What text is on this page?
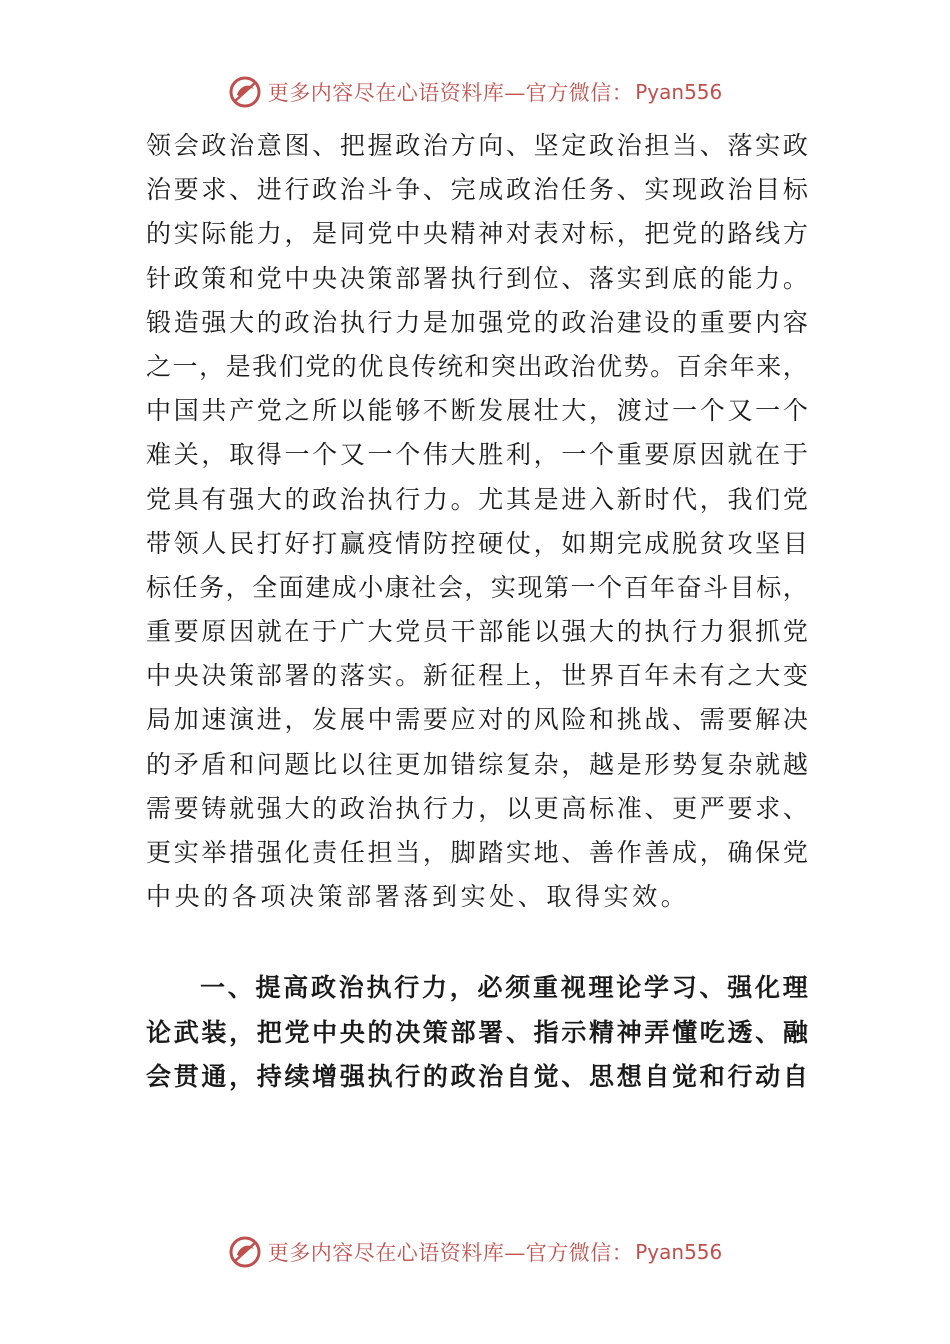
更多内容尽在心语资料库—官方微信： Pyan556
领 会 政 治 意 图 、 把 握 政 治 方 向 、 坚 定 政 治 担 当 、 落 实 政
治 要 求 、 进 行 政 治 斗 争 、 完 成 政 治 任 务 、 实 现 政 治 目 标
的 实 际 能 力 ， 是 同 党 中 央 精 神 对 表 对 标 ， 把 党 的 路 线 方
针 政 策 和 党 中 央 决 策 部 署 执 行 到 位 、 落 实 到 底 的 能 力 。
锻 造 强 大 的 政 治 执 行 力 是 加 强 党 的 政 治 建 设 的 重 要 内 容
之 一 ， 是 我 们 党 的 优 良 传 统 和 突 出 政 治 优 势 。 百 余 年 来 ，
中 国 共 产 党 之 所 以 能 够 不 断 发 展 壮 大 ， 渡 过 一 个 又 一 个
难 关 ， 取 得 一 个 又 一 个 伟 大 胜 利 ， 一 个 重 要 原 因 就 在 于
党 具 有 强 大 的 政 治 执 行 力 。 尤 其 是 进 入 新 时 代 ， 我 们 党
带 领 人 民 打 好 打 赢 疫 情 防 控 硬 仗 ， 如 期 完 成 脱 贫 攻 坚 目
标 任 务 ， 全 面 建 成 小 康 社 会 ， 实 现 第 一 个 百 年 奋 斗 目 标 ，
重 要 原 因 就 在 于 广 大 党 员 干 部 能 以 强 大 的 执 行 力 狠 抓 党
中 央 决 策 部 署 的 落 实 。 新 征 程 上 ， 世 界 百 年 未 有 之 大 变
局 加 速 演 进 ， 发 展 中 需 要 应 对 的 风 险 和 挑 战 、 需 要 解 决
的 矛 盾 和 问 题 比 以 往 更 加 错 综 复 杂 ， 越 是 形 势 复 杂 就 越
需 要 铸 就 强 大 的 政 治 执 行 力 ， 以 更 高 标 准 、 更 严 要 求 、
更 实 举 措 强 化 责 任 担 当 ， 脚 踏 实 地 、 善 作 善 成 ， 确 保 党
中央的各项决策部署落到实处、取得实效。
一 、 提 高 政 治 执 行 力 ， 必 须 重 视 理 论 学 习 、 强 化 理
论 武 装 ， 把 党 中 央 的 决 策 部 署 、 指 示 精 神 弄 懂 吃 透 、 融
会 贯 通 ， 持 续 增 强 执 行 的 政 治 自 觉 、 思 想 自 觉 和 行 动 自
更多内容尽在心语资料库—官方微信： Pyan556
